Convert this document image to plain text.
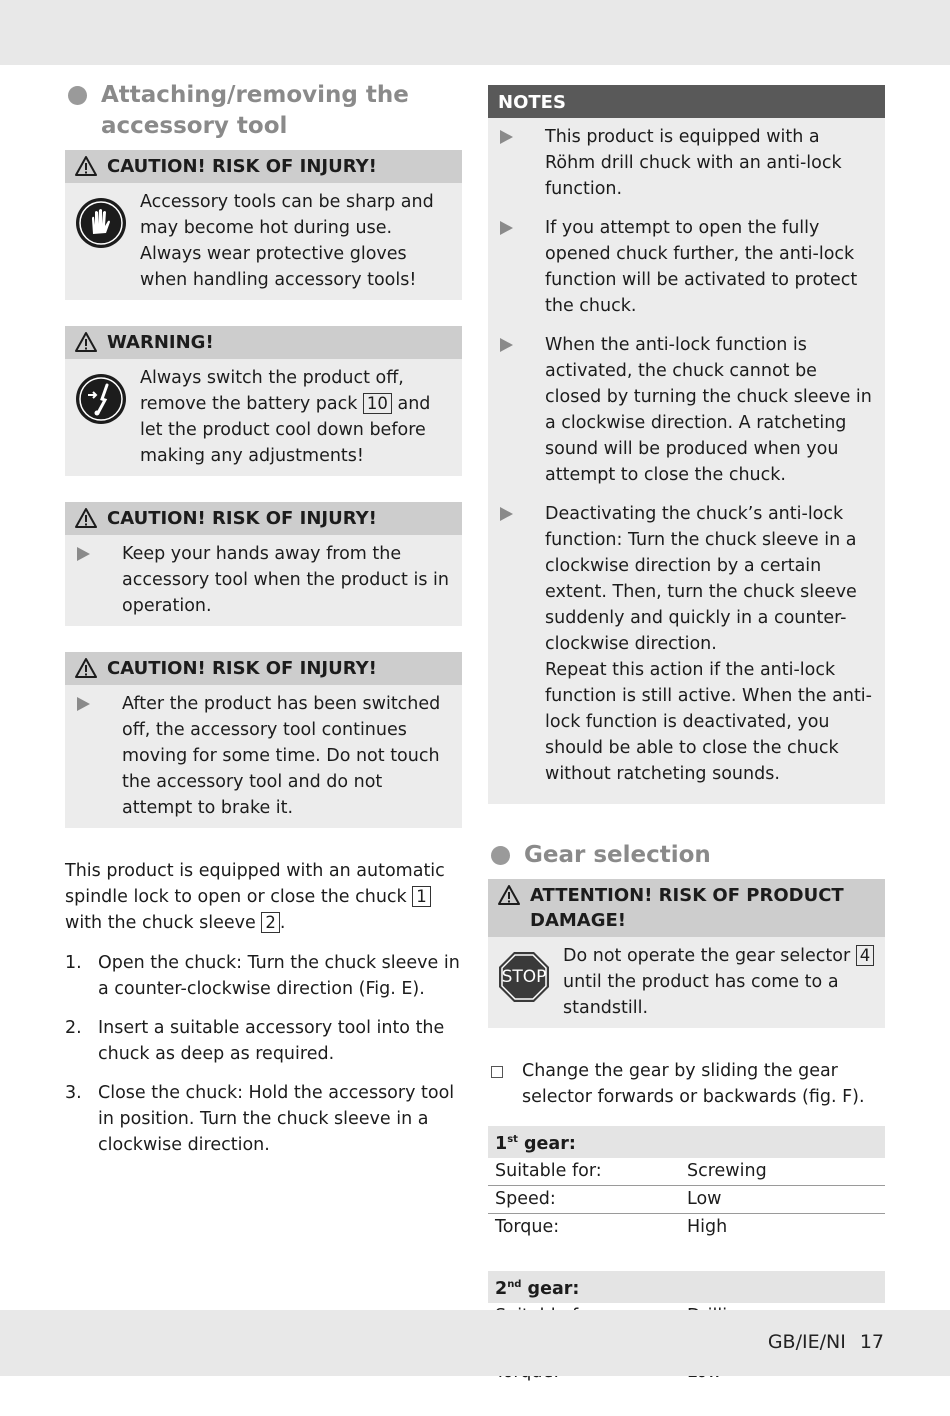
Attaching/removing the accessory tool
CAUTION! RISK OF INJURY!
Accessory tools can be sharp and may become hot during use. Always wear protective gloves when handling accessory tools!
WARNING!
Always switch the product off, remove the battery pack 10 and let the product cool down before making any adjustments!
CAUTION! RISK OF INJURY!
Keep your hands away from the accessory tool when the product is in operation.
CAUTION! RISK OF INJURY!
After the product has been switched off, the accessory tool continues moving for some time. Do not touch the accessory tool and do not attempt to brake it.

This product is equipped with an automatic spindle lock to open or close the chuck 1 with the chuck sleeve 2 .

1. Open the chuck: Turn the chuck sleeve in a counter-clockwise direction (Fig. E).
2. Insert a suitable accessory tool into the chuck as deep as required.
3. Close the chuck: Hold the accessory tool in position. Turn the chuck sleeve in a clockwise direction.
NOTES
This product is equipped with a Röhm drill chuck with an anti-lock function.
If you attempt to open the fully opened chuck further, the anti-lock function will be activated to protect the chuck.
When the anti-lock function is activated, the chuck cannot be closed by turning the chuck sleeve in a clockwise direction. A ratcheting sound will be produced when you attempt to close the chuck.

Deactivating the chuck’s anti-lock function: Turn the chuck sleeve in a clockwise direction by a certain extent. Then, turn the chuck sleeve suddenly and quickly in a counter-clockwise direction.

Repeat this action if the anti-lock function is still active. When the anti-lock function is deactivated, you should be able to close the chuck without ratcheting sounds.

Gear selection
ATTENTION! RISK OF PRODUCT DAMAGE!
STOP
Do not operate the gear selector 4 until the product has come to a standstill.
Change the gear by sliding the gear selector forwards or backwards (fig. F).
1st gear:	
Suitable for:	Screwing
Speed:	Low
Torque:	High
2nd gear:	

GB/IE/NI 17
